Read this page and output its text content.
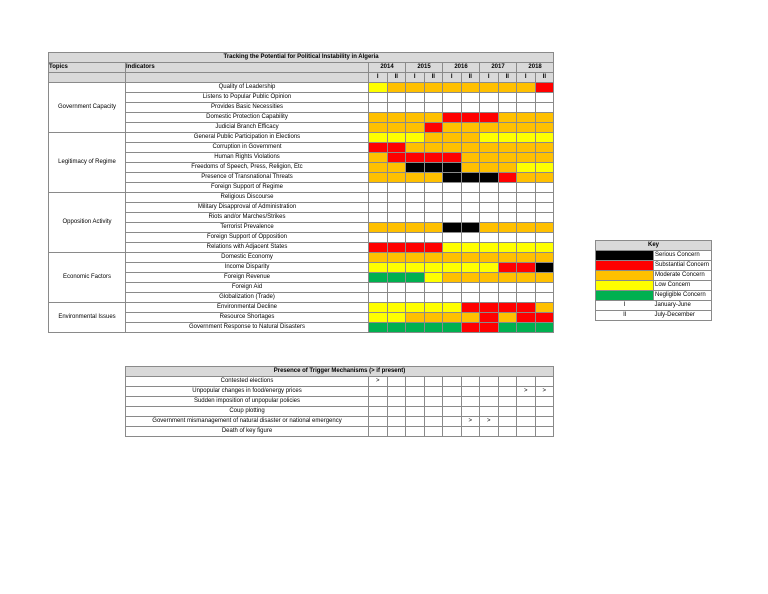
Tracking the Potential for Political Instability in Algeria											
Topics	Indicators	2014		2015		2016		2017		2018	
		I	II	I	II	I	II	I	II	I	II
Government Capacity	Quality of Leadership										
	Listens to Popular Public Opinion										
	Provides Basic Necessities										
	Domestic Protection Capability										
	Judicial Branch Efficacy										
Legitimacy of Regime	General Public Participation in Elections										
	Corruption in Government										
	Human Rights Violations										
	Freedoms of Speech, Press, Religion, Etc										
	Presence of Transnational Threats										
	Foreign Support of Regime										
Opposition Activity	Religious Discourse										
	Military Disapproval of Administration										
	Riots and/or Marches/Strikes										
	Terrorist Prevalence										
	Foreign Support of Opposition										
	Relations with Adjacent States										
Economic Factors	Domestic Economy										
	Income Disparity										
	Foreign Revenue										
	Foreign Aid										
	Globalization (Trade)										
Environmental Issues	Environmental Decline										
	Resource Shortages										
	Government Response to Natural Disasters										
Key	
	Serious Concern
	Substantial Concern
	Moderate Concern
	Low Concern
	Negligible Concern
I	January-June
II	July-December
Presence of Trigger Mechanisms (> if present)										
Contested elections	>									
Unpopular changes in food/energy prices									>	>
Sudden imposition of unpopular policies										
Coup plotting										
Government mismanagement of natural disaster or national emergency						>	>			
Death of key figure										
